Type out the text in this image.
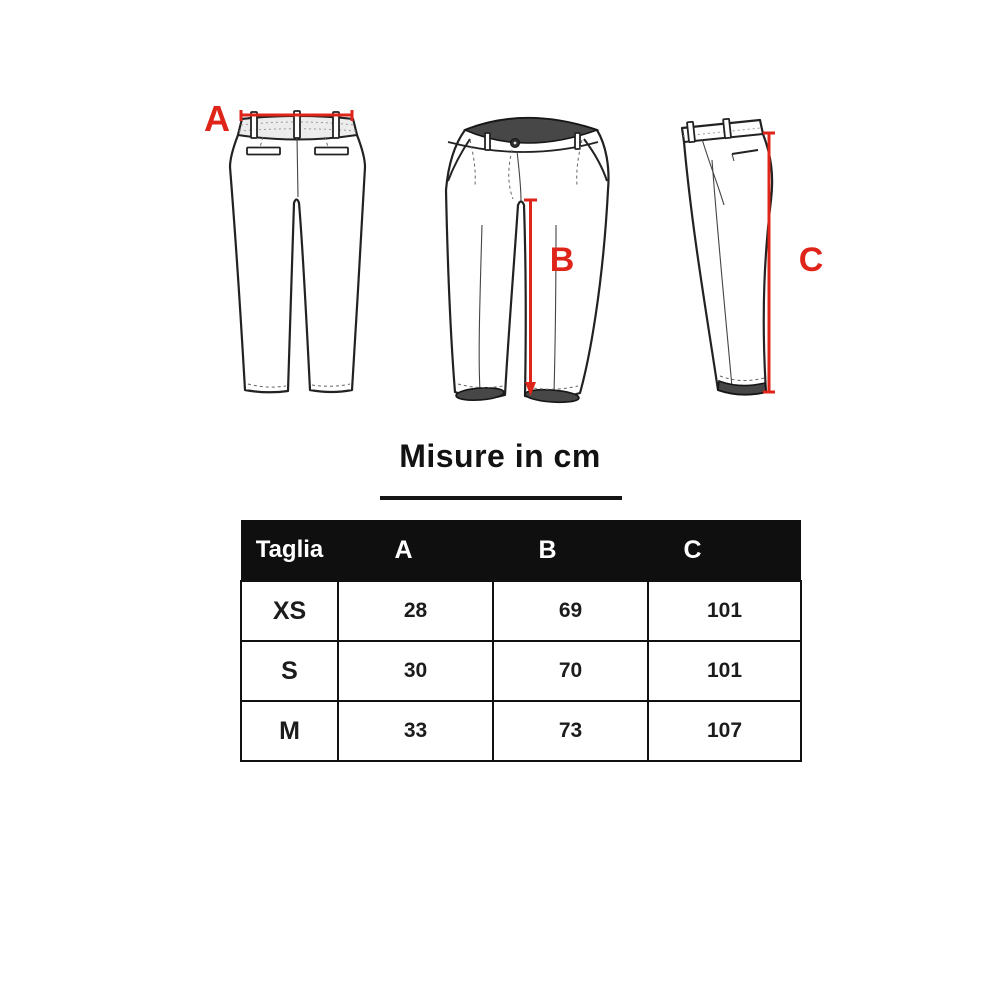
A
B	C
Misure in cm
Taglia	A	B	C
XS	28	69	101
S	30	70	101
M	33	73	107
